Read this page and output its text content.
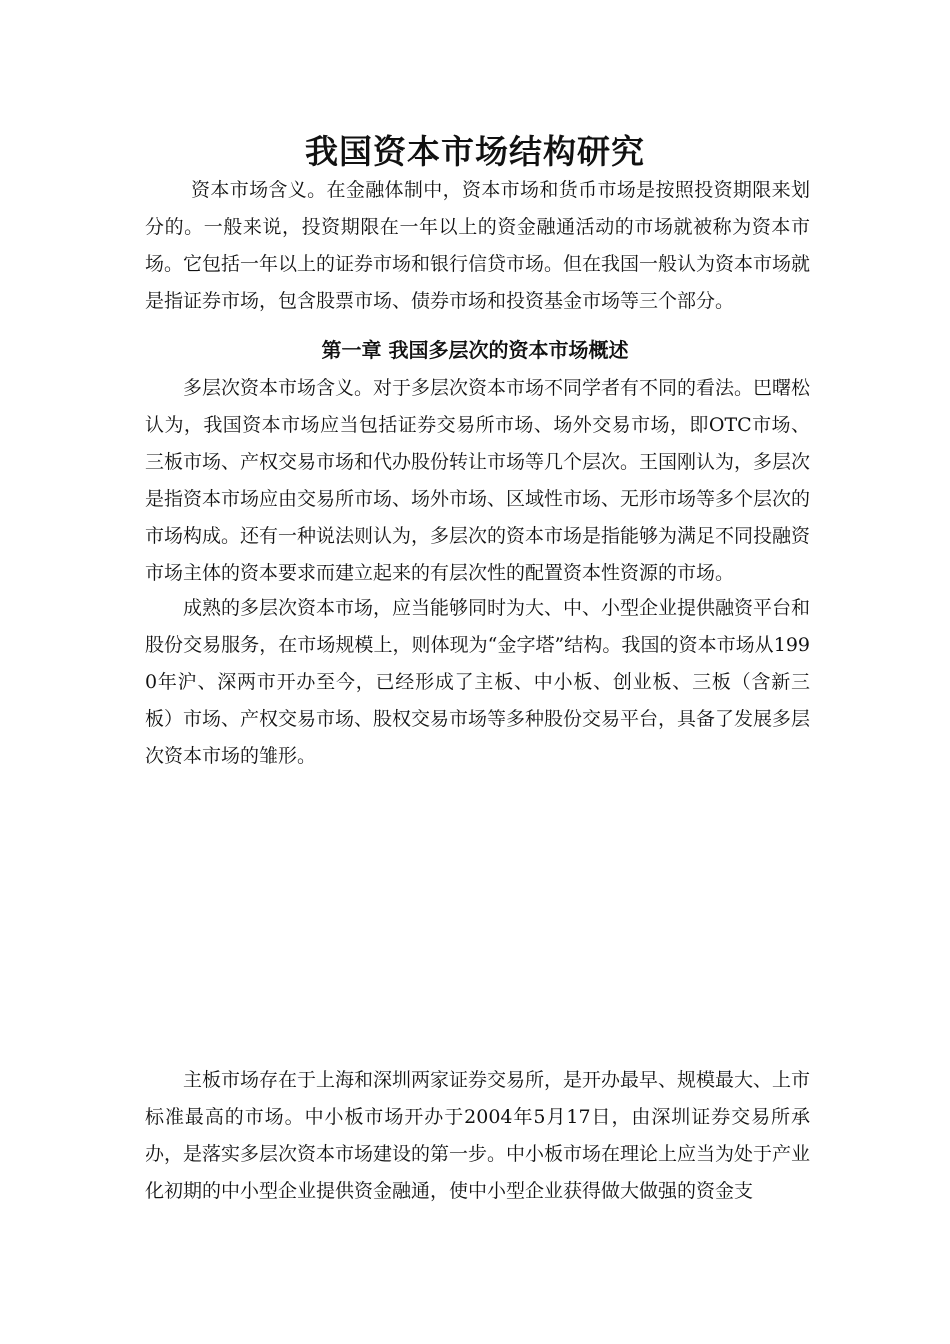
我国资本市场结构研究

资本市场含义。在金融体制中，资本市场和货币市场是按照投资期限来划分的。一般来说，投资期限在一年以上的资金融通活动的市场就被称为资本市场。它包括一年以上的证券市场和银行信贷市场。但在我国一般认为资本市场就是指证券市场，包含股票市场、债券市场和投资基金市场等三个部分。

第一章 我国多层次的资本市场概述

多层次资本市场含义。对于多层次资本市场不同学者有不同的看法。巴曙松认为，我国资本市场应当包括证券交易所市场、场外交易市场，即OTC市场、三板市场、产权交易市场和代办股份转让市场等几个层次。王国刚认为，多层次是指资本市场应由交易所市场、场外市场、区域性市场、无形市场等多个层次的市场构成。还有一种说法则认为，多层次的资本市场是指能够为满足不同投融资市场主体的资本要求而建立起来的有层次性的配置资本性资源的市场。

成熟的多层次资本市场，应当能够同时为大、中、小型企业提供融资平台和股份交易服务，在市场规模上，则体现为“金字塔”结构。我国的资本市场从1990年沪、深两市开办至今，已经形成了主板、中小板、创业板、三板（含新三板）市场、产权交易市场、股权交易市场等多种股份交易平台，具备了发展多层次资本市场的雏形。

主板市场存在于上海和深圳两家证券交易所，是开办最早、规模最大、上市标准最高的市场。中小板市场开办于2004年5月17日，由深圳证券交易所承办，是落实多层次资本市场建设的第一步。中小板市场在理论上应当为处于产业化初期的中小型企业提供资金融通，使中小型企业获得做大做强的资金支
